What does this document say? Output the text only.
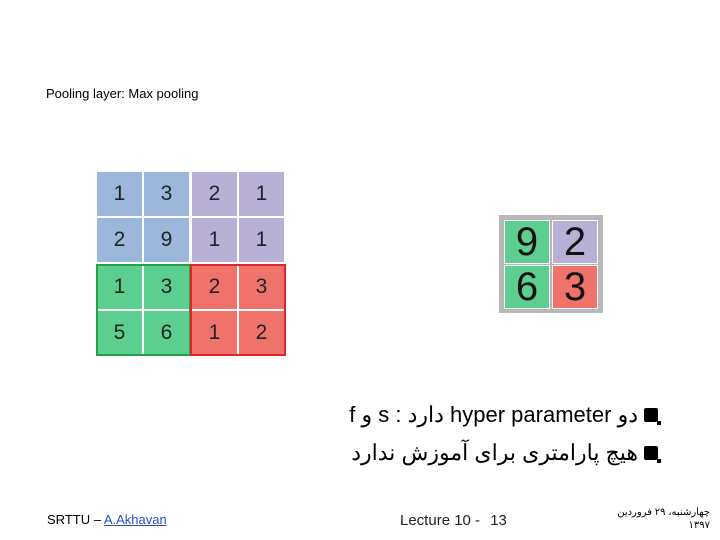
Pooling layer: Max pooling
1	3	2	1
2	9	1	1
1	3	2	3
5	6	1	2
9 2
6 3
دو hyper parameter دارد : s و f
هیچ پارامتری برای آموزش ندارد
SRTTU – A.Akhavan	Lecture 10 - 13	چهارشنبه، ۲۹ فروردین
۱۳۹۷
